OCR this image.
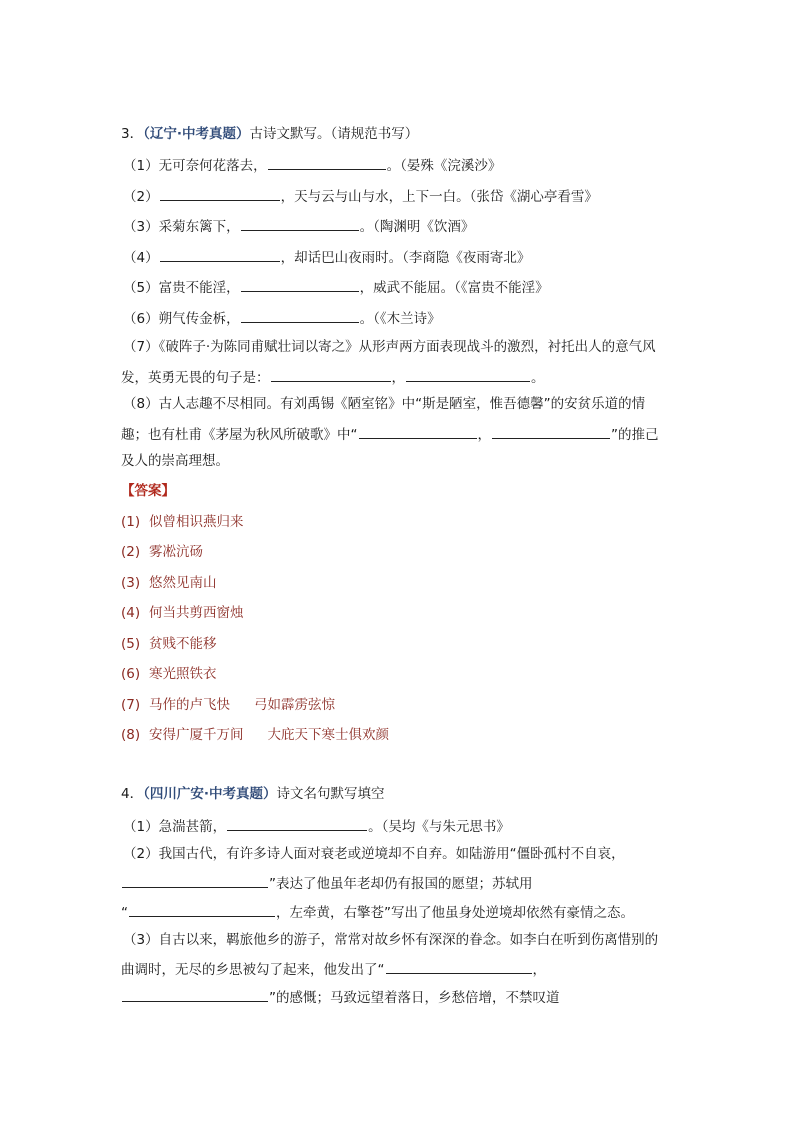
3．（辽宁·中考真题）古诗文默写。（请规范书写）
（1）无可奈何花落去，	。（晏殊《浣溪沙》
（2）	，天与云与山与水，上下一白。（张岱《湖心亭看雪》
（3）采菊东篱下，	。（陶渊明《饮酒》
（4）	，却话巴山夜雨时。（李商隐《夜雨寄北》
（5）富贵不能淫，	，威武不能屈。（《富贵不能淫》
（6）朔气传金柝，	。（《木兰诗》
（7）《破阵子·为陈同甫赋壮词以寄之》从形声两方面表现战斗的激烈，衬托出人的意气风
发，英勇无畏的句子是：	，	。
（8）古人志趣不尽相同。有刘禹锡《陋室铭》中“斯是陋室，惟吾德馨”的安贫乐道的情
趣；也有杜甫《茅屋为秋风所破歌》中“	，	”的推己
及人的崇高理想。
【答案】
(1) 似曾相识燕归来
(2) 雾凇沆砀
(3) 悠然见南山
(4) 何当共剪西窗烛
(5) 贫贱不能移
(6) 寒光照铁衣
(7) 马作的卢飞快 弓如霹雳弦惊
(8) 安得广厦千万间 大庇天下寒士俱欢颜
4．（四川广安·中考真题）诗文名句默写填空
（1）急湍甚箭，	。（吴均《与朱元思书》
（2）我国古代，有许多诗人面对衰老或逆境却不自弃。如陆游用“僵卧孤村不自哀，
”表达了他虽年老却仍有报国的愿望；苏轼用
“	，左牵黄，右擎苍”写出了他虽身处逆境却依然有豪情之态。
（3）自古以来，羁旅他乡的游子，常常对故乡怀有深深的眷念。如李白在听到伤离惜别的
曲调时，无尽的乡思被勾了起来，他发出了“	，
”的感慨；马致远望着落日，乡愁倍增，不禁叹道
